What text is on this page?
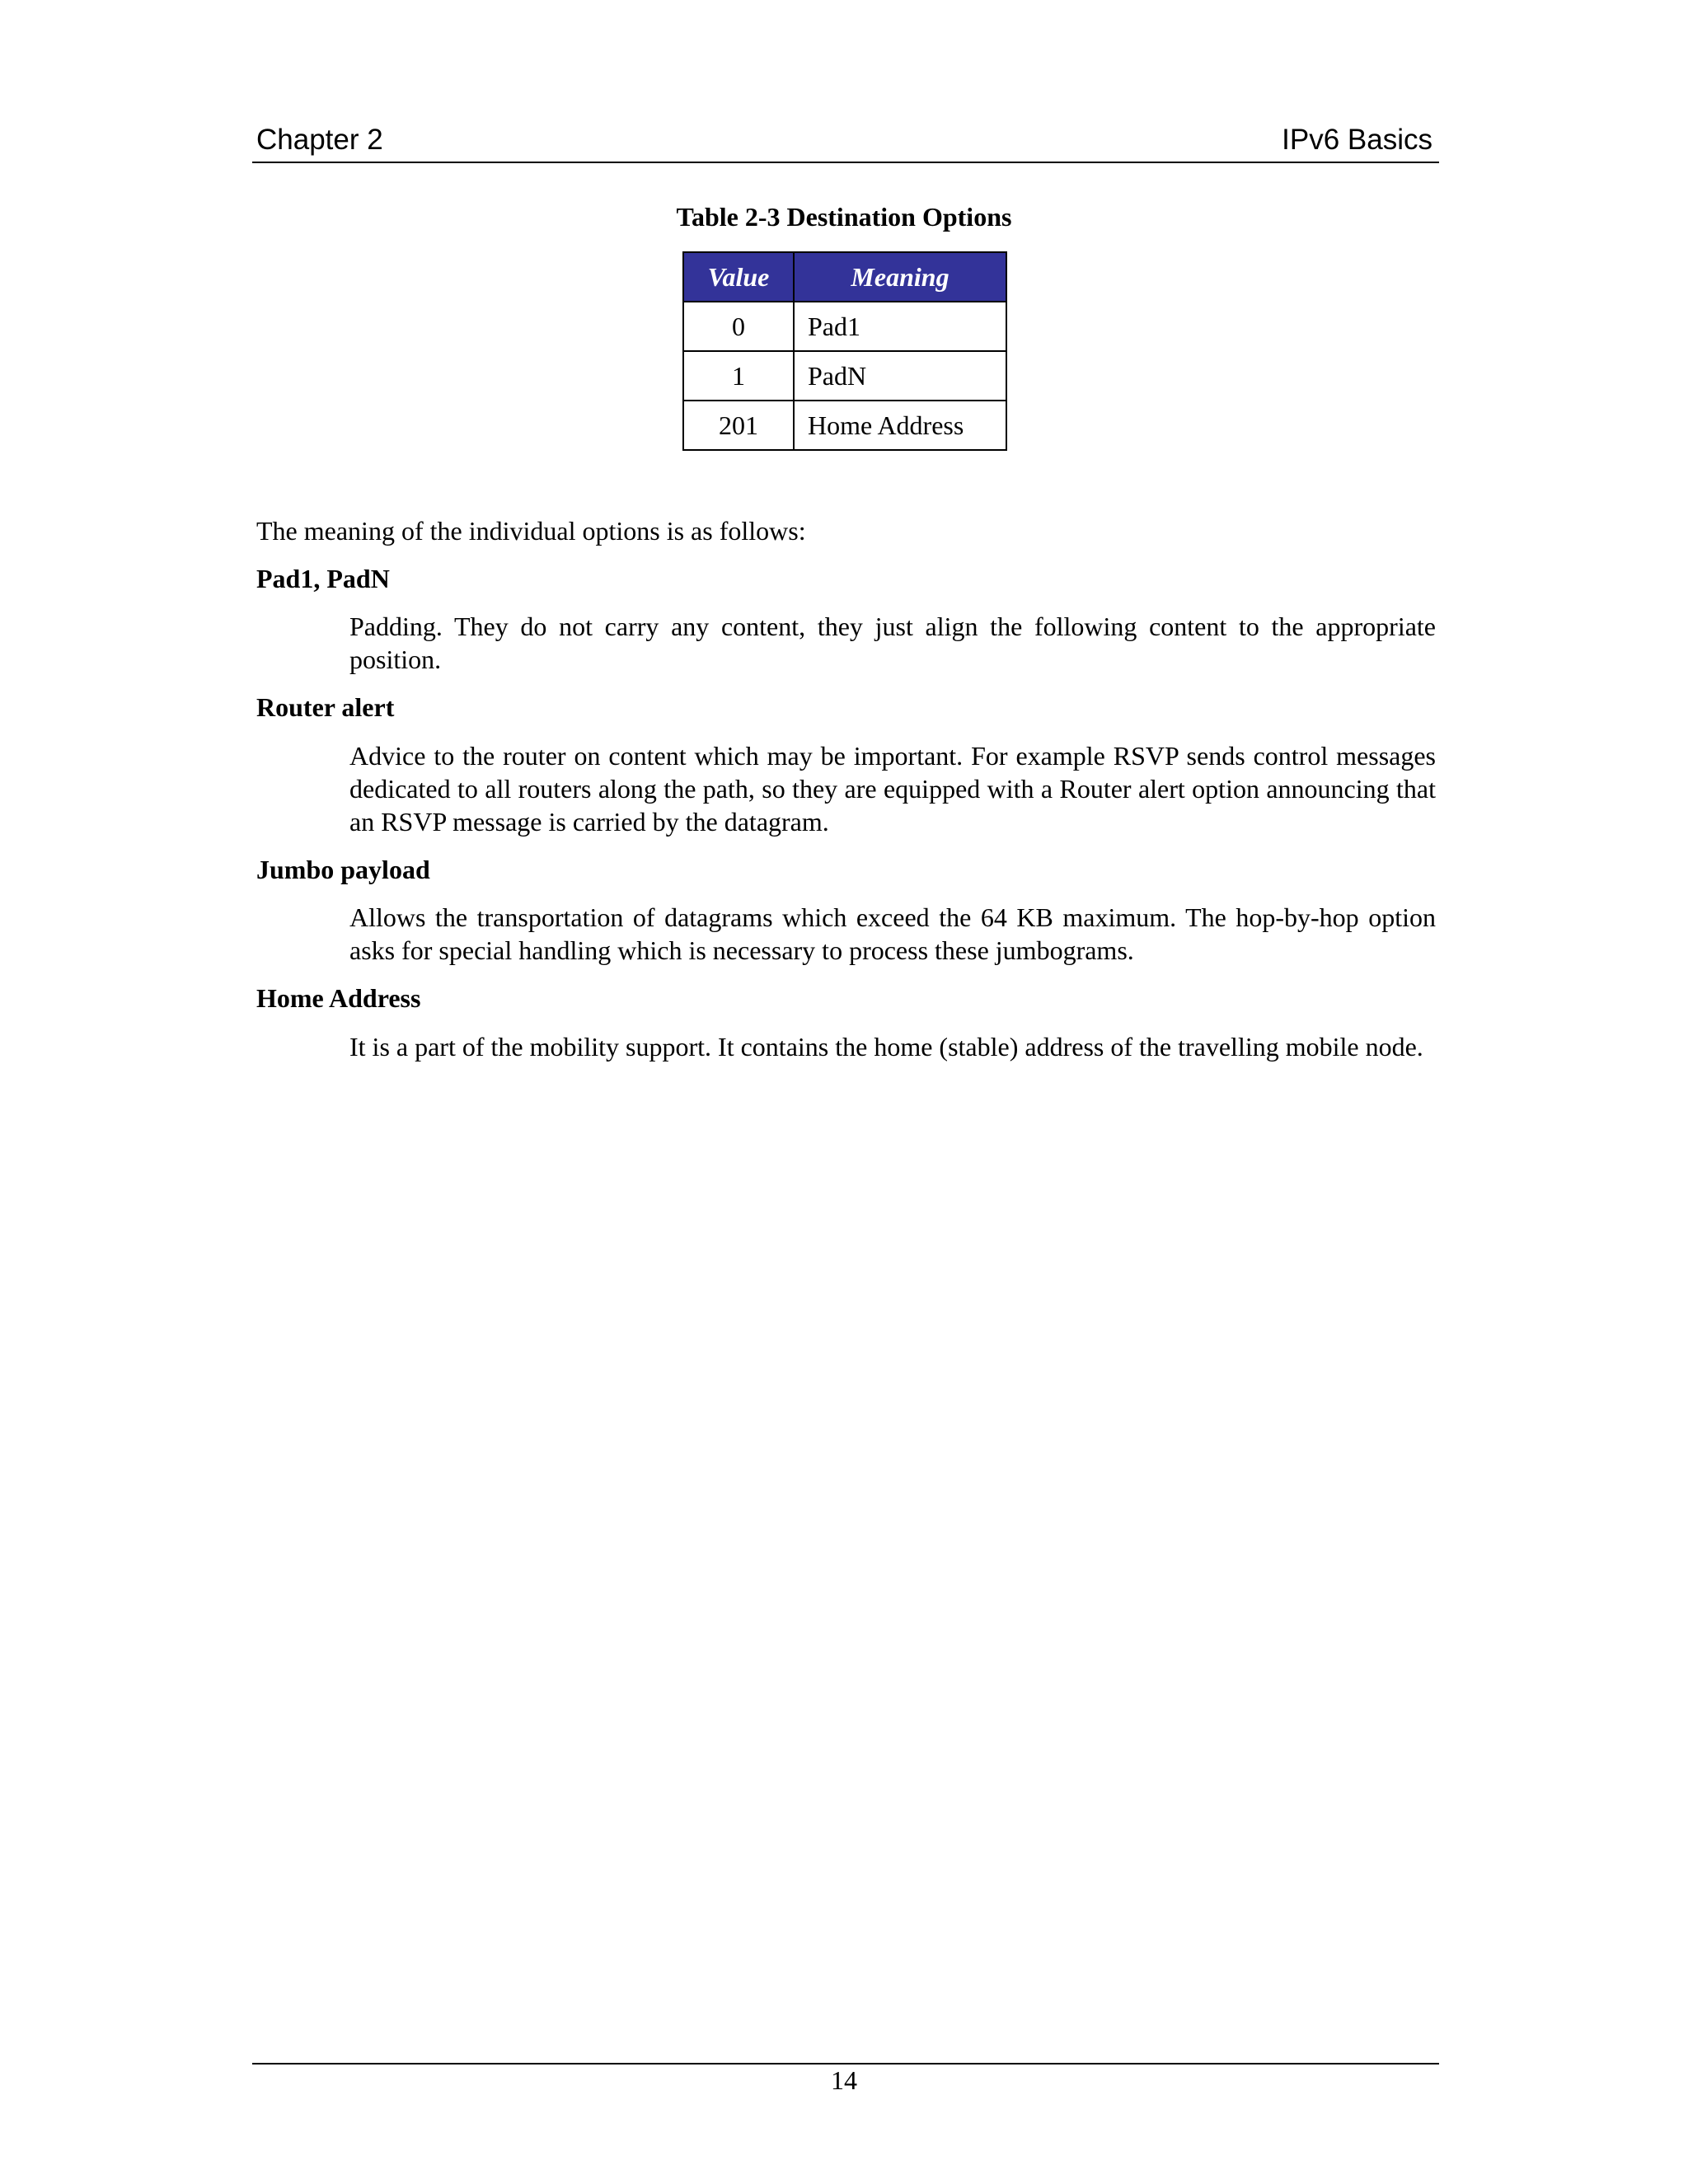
Chapter 2	IPv6 Basics
Table 2-3 Destination Options
Value	Meaning
0	Pad1
1	PadN
201	Home Address
The meaning of the individual options is as follows:
Pad1, PadN
Padding. They do not carry any content, they just align the following content to the appropriate position.
Router alert
Advice to the router on content which may be important. For example RSVP sends control messages dedicated to all routers along the path, so they are equipped with a Router alert option announcing that an RSVP message is carried by the datagram.
Jumbo payload
Allows the transportation of datagrams which exceed the 64 KB maximum. The hop-by-hop option asks for special handling which is necessary to process these jumbograms.
Home Address
It is a part of the mobility support. It contains the home (stable) address of the travelling mobile node.
14
